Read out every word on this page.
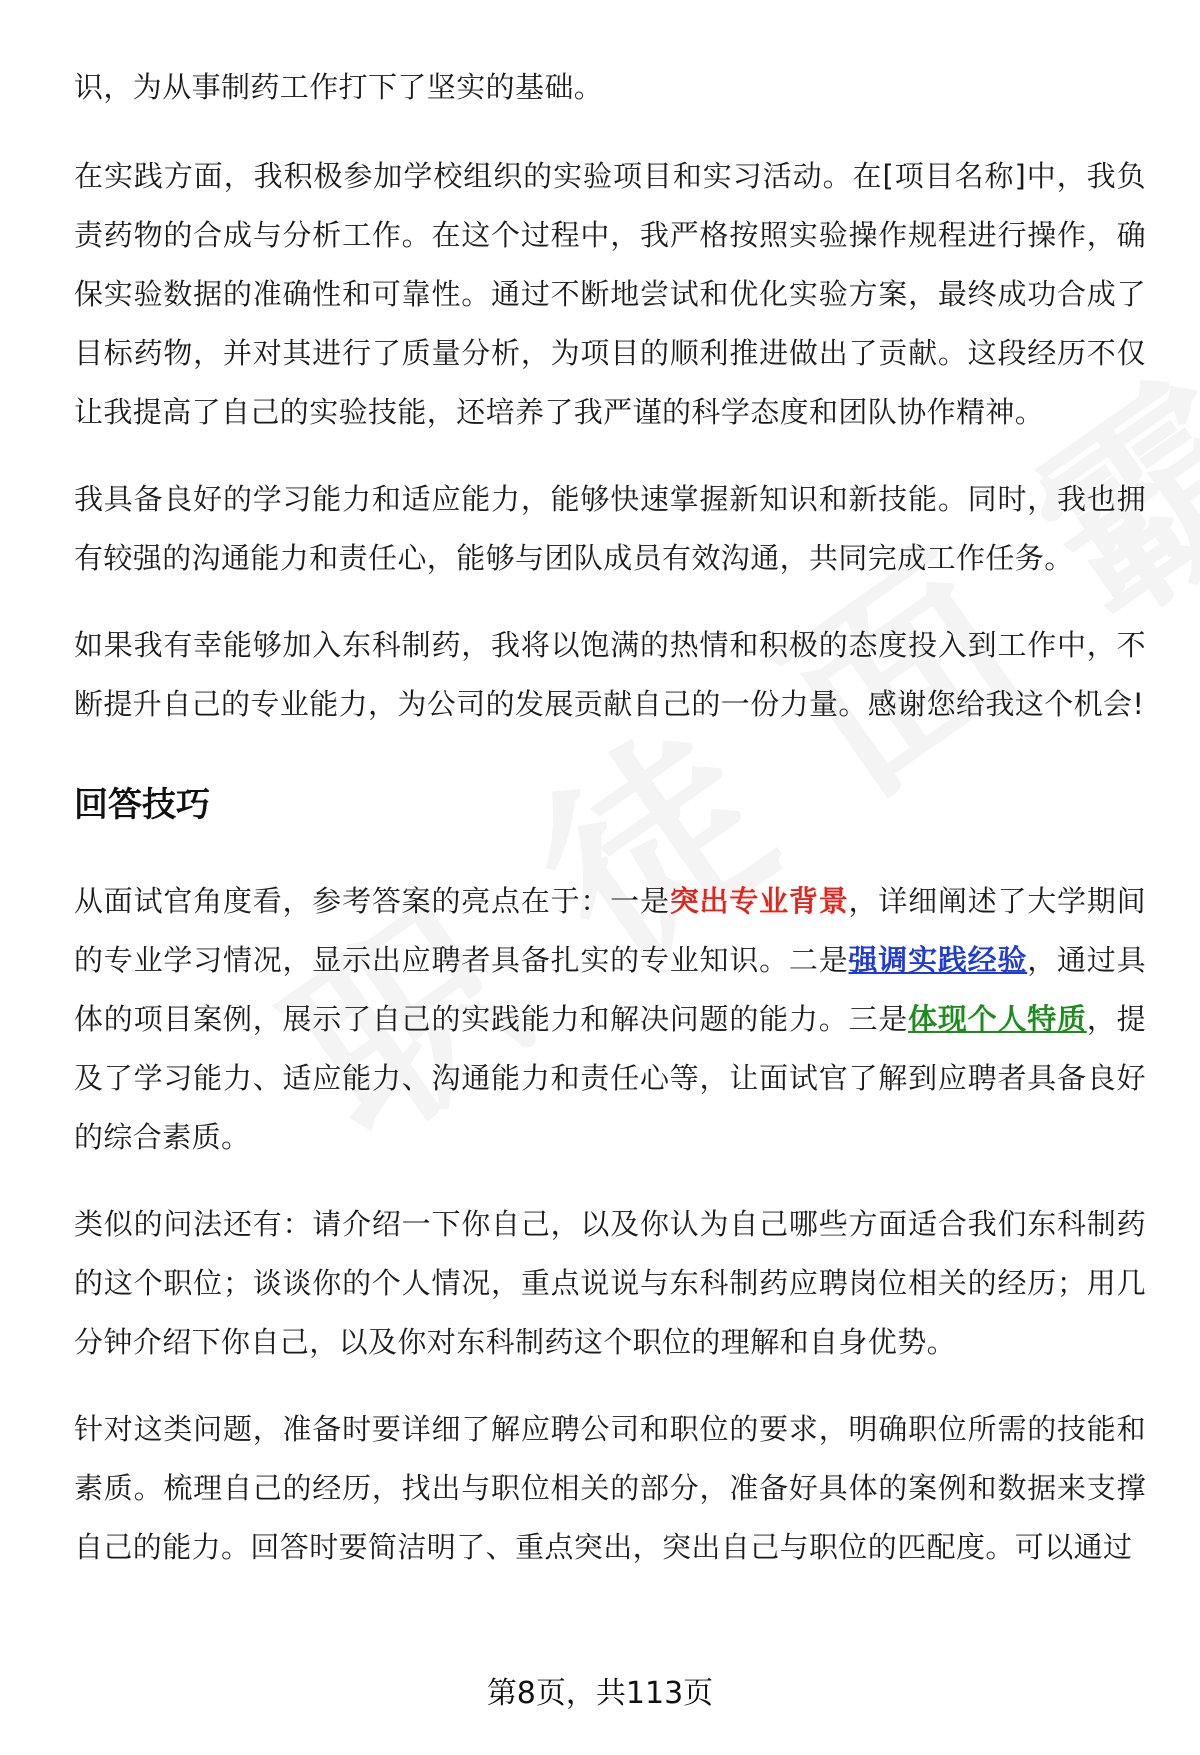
识，为从事制药工作打下了坚实的基础。

在实践方面，我积极参加学校组织的实验项目和实习活动。在[项目名称]中，我负责药物的合成与分析工作。在这个过程中，我严格按照实验操作规程进行操作，确保实验数据的准确性和可靠性。通过不断地尝试和优化实验方案，最终成功合成了目标药物，并对其进行了质量分析，为项目的顺利推进做出了贡献。这段经历不仅让我提高了自己的实验技能，还培养了我严谨的科学态度和团队协作精神。

我具备良好的学习能力和适应能力，能够快速掌握新知识和新技能。同时，我也拥有较强的沟通能力和责任心，能够与团队成员有效沟通，共同完成工作任务。

如果我有幸能够加入东科制药，我将以饱满的热情和积极的态度投入到工作中，不断提升自己的专业能力，为公司的发展贡献自己的一份力量。感谢您给我这个机会!

回答技巧

从面试官角度看，参考答案的亮点在于：一是突出专业背景，详细阐述了大学期间的专业学习情况，显示出应聘者具备扎实的专业知识。二是强调实践经验，通过具体的项目案例，展示了自己的实践能力和解决问题的能力。三是体现个人特质，提及了学习能力、适应能力、沟通能力和责任心等，让面试官了解到应聘者具备良好的综合素质。

类似的问法还有：请介绍一下你自己，以及你认为自己哪些方面适合我们东科制药的这个职位；谈谈你的个人情况，重点说说与东科制药应聘岗位相关的经历；用几分钟介绍下你自己，以及你对东科制药这个职位的理解和自身优势。

针对这类问题，准备时要详细了解应聘公司和职位的要求，明确职位所需的技能和素质。梳理自己的经历，找出与职位相关的部分，准备好具体的案例和数据来支撑自己的能力。回答时要简洁明了、重点突出，突出自己与职位的匹配度。可以通过

第8页，共113页
